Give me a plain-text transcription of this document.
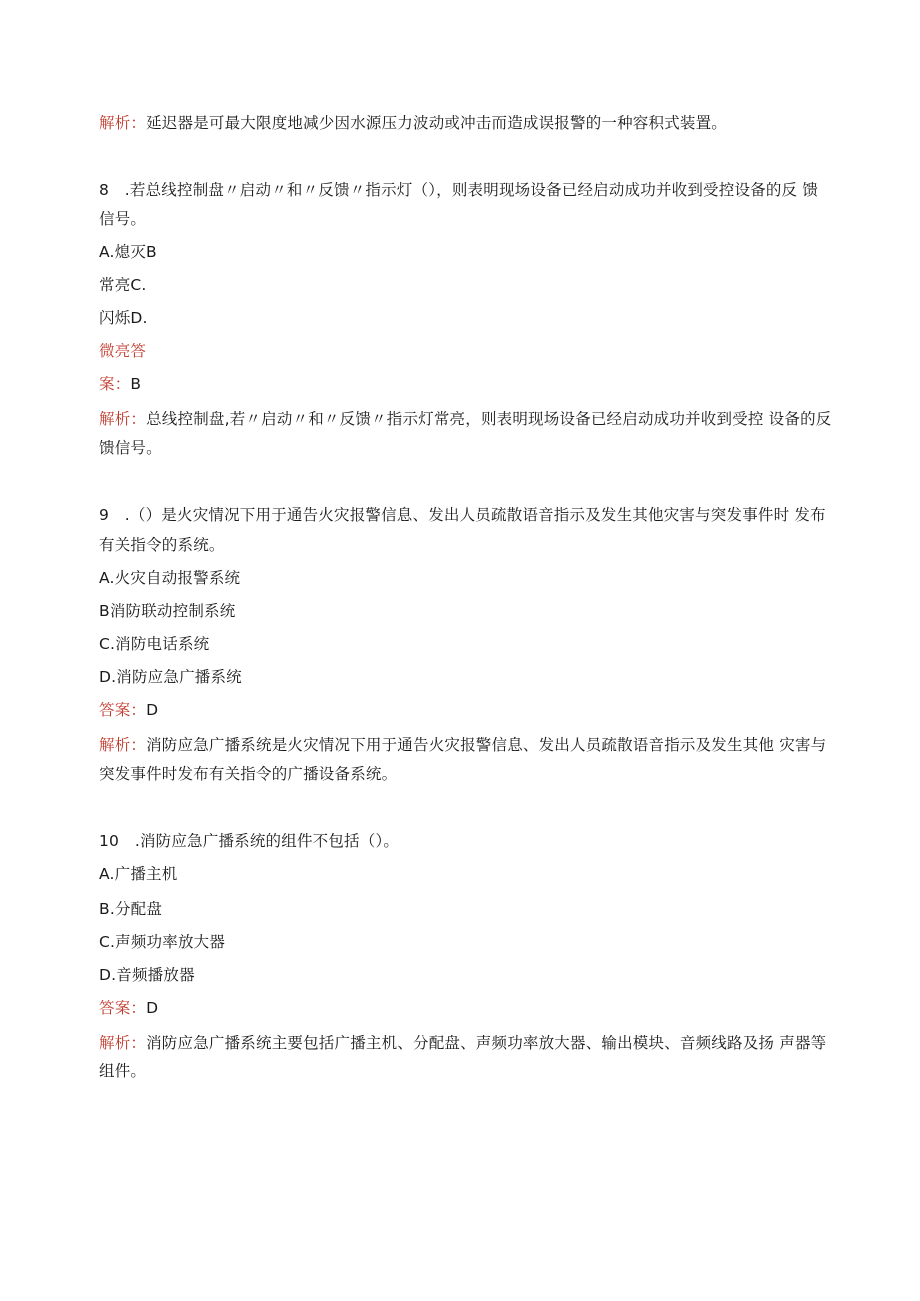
解析：延迟器是可最大限度地减少因水源压力波动或冲击而造成误报警的一种容积式装置。
8　.若总线控制盘〃启动〃和〃反馈〃指示灯（），则表明现场设备已经启动成功并收到受控设备的反 馈
信号。
A.熄灭B
常亮C.
闪烁D.
微亮答
案：B
解析：总线控制盘,若〃启动〃和〃反馈〃指示灯常亮，则表明现场设备已经启动成功并收到受控 设备的反
馈信号。
9　.（）是火灾情况下用于通告火灾报警信息、发出人员疏散语音指示及发生其他灾害与突发事件时 发布
有关指令的系统。
A.火灾自动报警系统
B消防联动控制系统
C.消防电话系统
D.消防应急广播系统
答案：D
解析：消防应急广播系统是火灾情况下用于通告火灾报警信息、发出人员疏散语音指示及发生其他 灾害与
突发事件时发布有关指令的广播设备系统。
10　.消防应急广播系统的组件不包括（）。
A.广播主机
B.分配盘
C.声频功率放大器
D.音频播放器
答案：D
解析：消防应急广播系统主要包括广播主机、分配盘、声频功率放大器、输出模块、音频线路及扬 声器等
组件。
